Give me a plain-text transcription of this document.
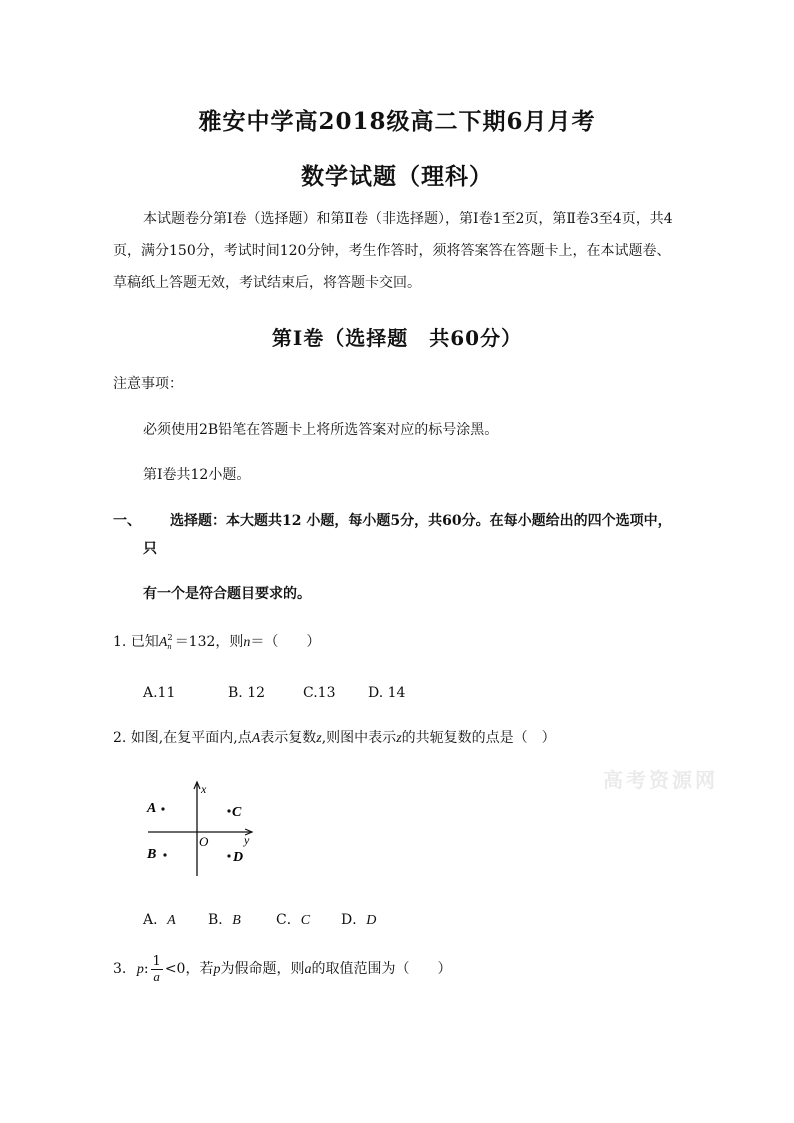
雅安中学高2018级高二下期6月月考
数学试题（理科）
本试题卷分第Ⅰ卷（选择题）和第Ⅱ卷（非选择题），第Ⅰ卷1至2页，第Ⅱ卷3至4页，共4页，满分150分，考试时间120分钟，考生作答时，须将答案答在答题卡上，在本试题卷、草稿纸上答题无效，考试结束后，将答题卡交回。
第Ⅰ卷（选择题　共60分）
注意事项：
必须使用2B铅笔在答题卡上将所选答案对应的标号涂黑。
第Ⅰ卷共12小题。
一、 选择题：本大题共12 小题，每小题5分，共60分。在每小题给出的四个选项中，
只
有一个是符合题目要求的。
1. 已知A 2
n ＝132，则n＝（　　）
A.11	B. 12	C.13 D. 14
2. 如图,在复平面内,点A表示复数z,则图中表示z的共轭复数的点是（　）
高考资源网
x
y
O
A	C
B	D
A．A B．B	C．C D．D
3. p: $\frac{1}{a} <0$，若p为假命题，则a的取值范围为（　　）
